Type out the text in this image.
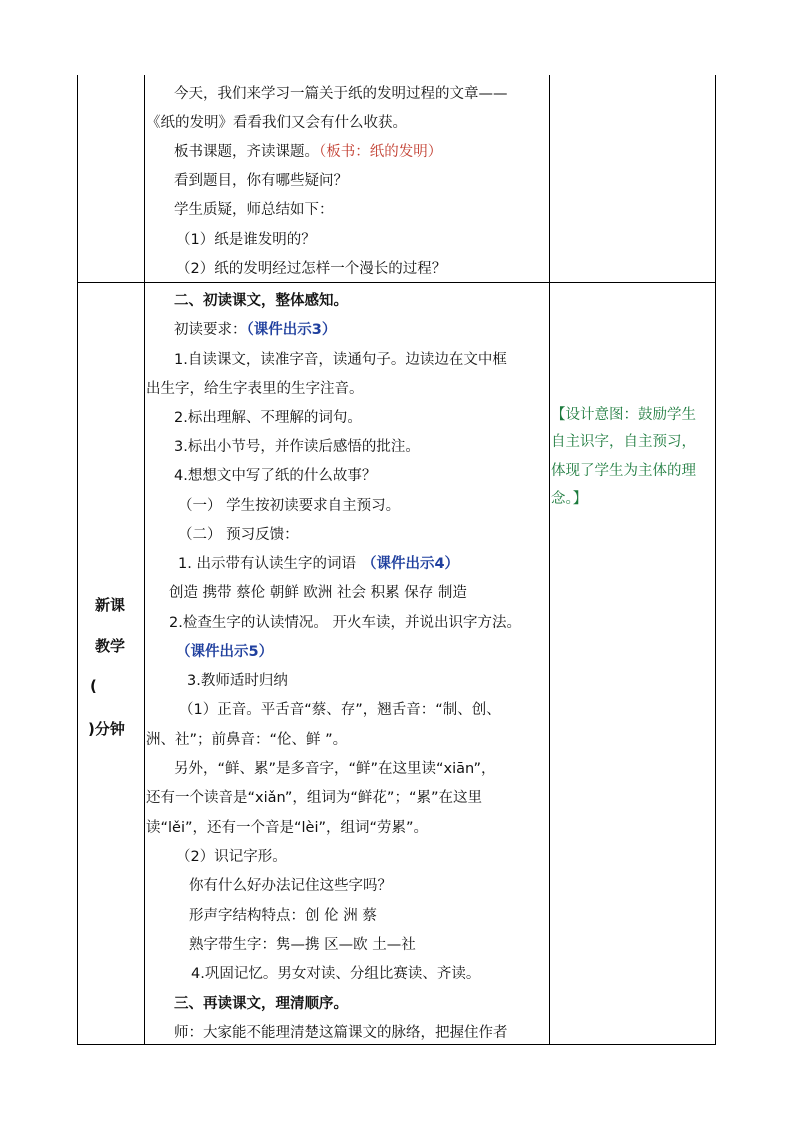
今天，我们来学习一篇关于纸的发明过程的文章——
《纸的发明》看看我们又会有什么收获。
板书课题，齐读课题。（板书：纸的发明）
看到题目，你有哪些疑问？
学生质疑，师总结如下：
（1）纸是谁发明的？
（2）纸的发明经过怎样一个漫长的过程？
新课
教学
(
)分钟
二、初读课文，整体感知。
初读要求：（课件出示3）
1.自读课文，读准字音，读通句子。边读边在文中框
出生字，给生字表里的生字注音。
2.标出理解、不理解的词句。
3.标出小节号，并作读后感悟的批注。
4.想想文中写了纸的什么故事？
（一） 学生按初读要求自主预习。
（二） 预习反馈：
1. 出示带有认读生字的词语 （课件出示4）
创造 携带 蔡伦 朝鲜 欧洲 社会 积累 保存 制造
2.检查生字的认读情况。 开火车读，并说出识字方法。
（课件出示5）
3.教师适时归纳
（1）正音。平舌音“蔡、存”，翘舌音：“制、创、
洲、社”；前鼻音：“伦、鲜 ”。
另外，“鲜、累”是多音字，“鲜”在这里读“xiān”，
还有一个读音是“xiǎn”，组词为“鲜花”；“累”在这里
读“lěi”，还有一个音是“lèi”，组词“劳累”。
（2）识记字形。
你有什么好办法记住这些字吗？
形声字结构特点：创 伦 洲 蔡
熟字带生字：隽—携 区—欧 土—社
4.巩固记忆。男女对读、分组比赛读、齐读。
三、再读课文，理清顺序。
师：大家能不能理清楚这篇课文的脉络，把握住作者
【设计意图：鼓励学生
自主识字，自主预习，
体现了学生为主体的理
念。】
